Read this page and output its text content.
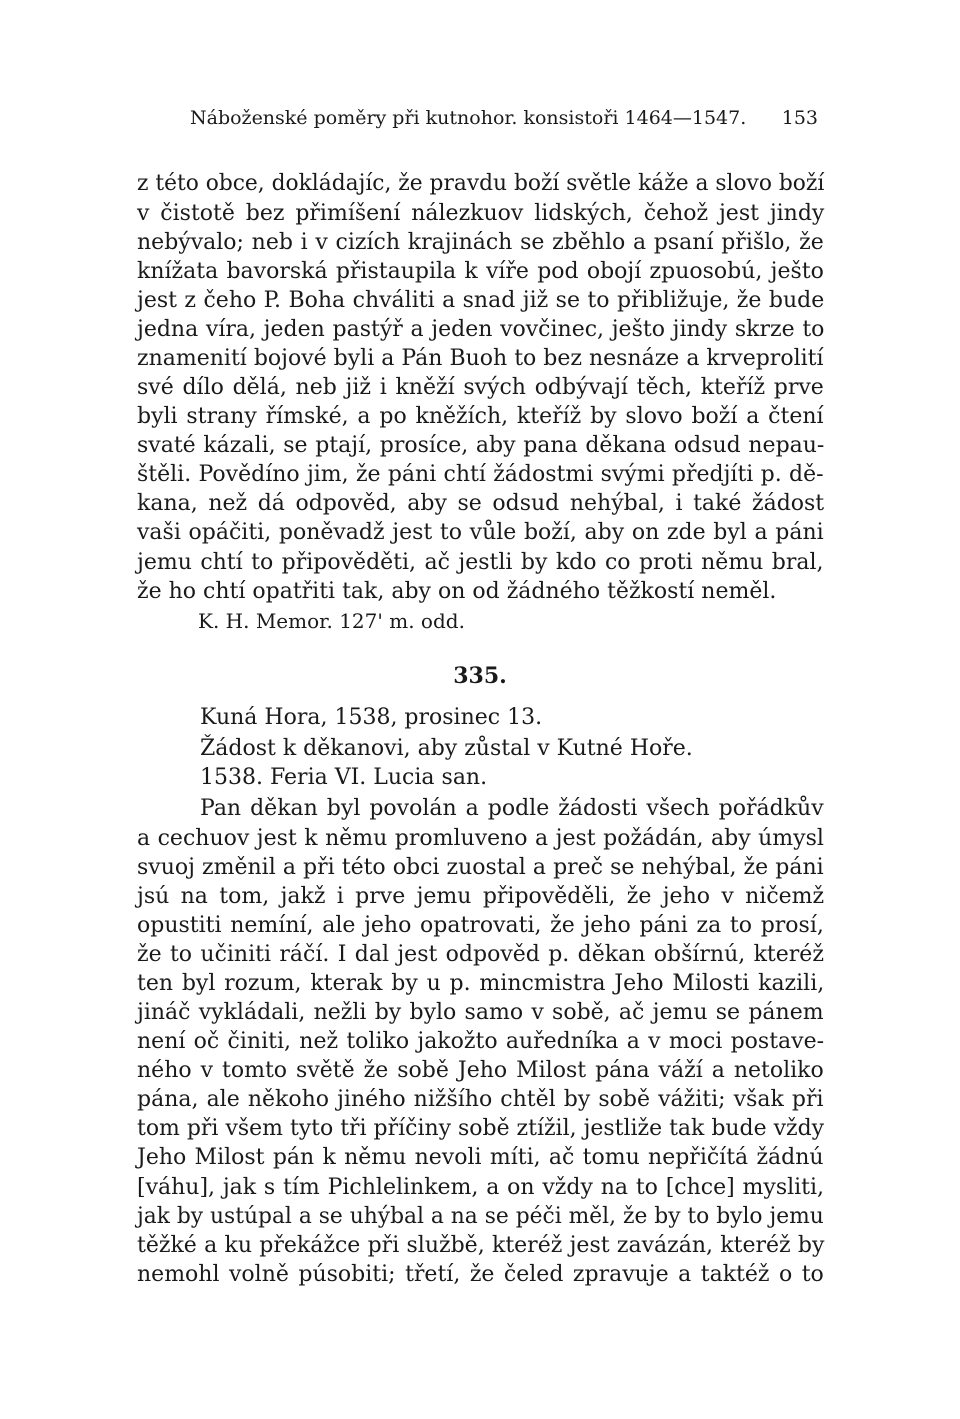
Náboženské poměry při kutnohor. konsistoři 1464—1547. 153
z této obce, dokládajíc, že pravdu boží světle káže a slovo boží
v čistotě bez přimíšení nálezkuov lidských, čehož jest jindy
nebývalo; neb i v cizích krajinách se zběhlo a psaní přišlo, že
knížata bavorská přistaupila k víře pod obojí zpuosobú, ješto
jest z čeho P. Boha chváliti a snad již se to přibližuje, že bude
jedna víra, jeden pastýř a jeden vovčinec, ješto jindy skrze to
znamenití bojové byli a Pán Buoh to bez nesnáze a krveprolití
své dílo dělá, neb již i kněží svých odbývají těch, kteříž prve
byli strany římské, a po kněžích, kteříž by slovo boží a čtení
svaté kázali, se ptají, prosíce, aby pana děkana odsud nepau-
štěli. Povědíno jim, že páni chtí žádostmi svými předjíti p. dě-
kana, než dá odpověd, aby se odsud nehýbal, i také žádost
vaši opáčiti, poněvadž jest to vůle boží, aby on zde byl a páni
jemu chtí to připověděti, ač jestli by kdo co proti němu bral,
že ho chtí opatřiti tak, aby on od žádného těžkostí neměl.
K. H. Memor. 127' m. odd.
335.
Kuná Hora, 1538, prosinec 13.
Žádost k děkanovi, aby zůstal v Kutné Hoře.
1538. Feria VI. Lucia san.
Pan děkan byl povolán a podle žádosti všech pořádkův
a cechuov jest k němu promluveno a jest požádán, aby úmysl
svuoj změnil a při této obci zuostal a preč se nehýbal, že páni
jsú na tom, jakž i prve jemu připověděli, že jeho v ničemž
opustiti nemíní, ale jeho opatrovati, že jeho páni za to prosí,
že to učiniti ráčí. I dal jest odpověd p. děkan obšírnú, kteréž
ten byl rozum, kterak by u p. mincmistra Jeho Milosti kazili,
jináč vykládali, nežli by bylo samo v sobě, ač jemu se pánem
není oč činiti, než toliko jakožto auředníka a v moci postave-
ného v tomto světě že sobě Jeho Milost pána váží a netoliko
pána, ale někoho jiného nižšího chtěl by sobě vážiti; však při
tom při všem tyto tři příčiny sobě ztížil, jestliže tak bude vždy
Jeho Milost pán k němu nevoli míti, ač tomu nepřičítá žádnú
[váhu], jak s tím Pichlelinkem, a on vždy na to [chce] mysliti,
jak by ustúpal a se uhýbal a na se péči měl, že by to bylo jemu
těžké a ku překážce při službě, kteréž jest zavázán, kteréž by
nemohl volně púsobiti; třetí, že čeled zpravuje a taktéž o to
